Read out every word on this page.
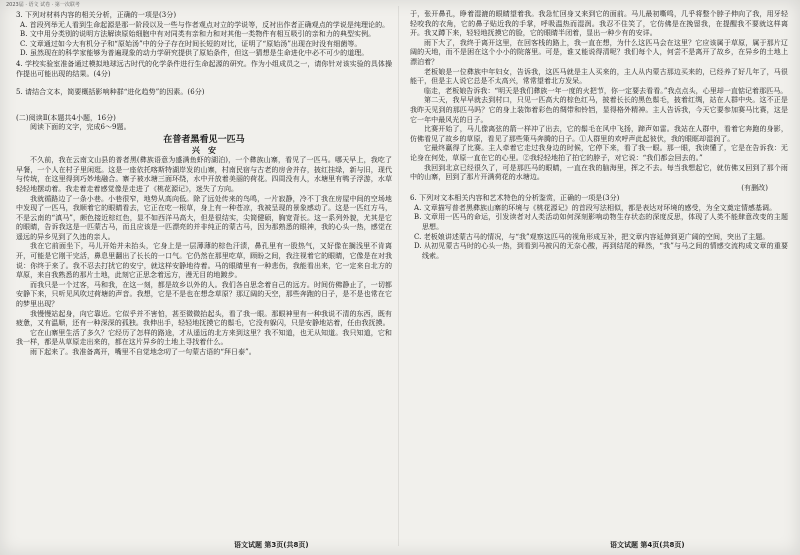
2023届 · 语文 试卷 · 第一次联考

3. 下列对材料内容的相关分析，正确的一项是(3分)

A. 首段列举无人看到生命起源是那一阶段以及一些与作者观点对立的学说等，反衬出作者正确观点的学说是纯理论的。

B. 文中用分类别的说明方法解读原始细胞中有对同类有亲和力和对其他一类物件有相互吸引的亲和力的典型实例。

C. 文章通过如今大有机分子和“原始汤”中的分子存在时间长短的对比，证明了“原始汤”出现在时没有细菌等。

D. 虽然现在的科学家能够为普遍现象的动力学研究提供了原始条件，但这一猜想是生命进化中必不可少的道理。

4. 学校实验室准备通过模拟地球远古时代的化学条件进行生命起源的研究。作为小组成员之一，请你针对该实验的具体操作提出可能出现的结果。(4分)

5. 请结合文本，简要概括影响种群“进化趋势”的因素。(6分)

(二)阅读Ⅱ(本题共4小题，16分)

阅读下面的文字，完成6～9题。

在普者黑看见一匹马

兴　安

不久前，我在云南文山县的普者黑(彝族语意为盛满鱼虾的湖泊)，一个彝族山寨，看见了一匹马。哪天早上，我吃了早餐，一个人在村子里闲逛。这是一座依托喀斯特湖岸发的山寨，村南民宿与古老的房舍并存，披红挂绿，新与旧，现代与传统，在这里得到巧妙地融合。寨子被水塘三面环绕，水中开放着美丽的荷花。四周没有人，水塘里有鸭子浮游，水草轻轻地摆动着。我走着走着感觉像是走进了《桃花源记》，迷失了方向。

我就循路边了一条小巷。小巷很窄，地势从高向低。除了远处传来的鸟鸣，一片寂静，冷不丁我在房屋中间的空场地中发现了一匹马，我顺着它的眼睛看去，它正在吃一根草，身上有一种苍凉，我被呈现的景象感动了。这是一匹红方马，不是云南的“滇马”，颇色接近棕红色，显不如西洋马高大，但是很结实，尖简健硕，胸宽背长。这一系列外貌，尤其是它的眼睛，告诉我这是一匹蒙古马，而且应该是一匹漂亮的并非纯正的蒙古马，因为那熟悉的眼神，我的心头一热，感觉在遥远的异乡见到了久违的亲人。

我在它前面坐下，马儿开始并未抬头，它身上是一层薄薄的棕色汗渍，鼻孔里有一股热气，又好像在搁浅里不肯离开，可能是它刚干完活，鼻息里翻出了长长的一口气。它仍然在那里吃草，顾盼之间，我注视着它的眼睛，它像是在对我说：你终于来了。我不忍去打扰它的安宁，就这样安静地待着。马的眼睛里有一种悲伤，我能看出来，它一定来自北方的草原，来自我熟悉的那片土地，此刻它正思念着远方，漫无目的地踱步。

而我只是一个过客，马和我，在这一刻，都是故乡以外的人。我们各自思念着自己的远方。时间仿佛静止了，一切都安静下来，只听见风吹过荷塘的声音。我想，它是不是也在想念草原？那辽阔的天空，那些奔跑的日子，是不是也常在它的梦里出现？

我慢慢站起身，向它靠近。它似乎并不害怕，甚至微微抬起头，看了我一眼。那眼神里有一种我说不清的东西，既有疲惫，又有温顺，还有一种深深的孤独。我伸出手，轻轻地抚摸它的鬃毛，它没有躲闪，只是安静地站着，任由我抚摸。

它在山寨里生活了多久？它经历了怎样的路途，才从遥远的北方来到这里？我不知道，也无从知道。我只知道，它和我一样，都是从草原走出来的，都在这片异乡的土地上寻找着什么。

雨下起来了。我准备离开，嘴里不自觉地念叨了一句蒙古语的“拜日泰”。

于，张开鼻孔，睁着湿漉的眼睛望着我。我急忙回身又来到它的面前。马儿最初嘶鸣，几乎将整个脖子伸向了我，用牙轻轻咬我的衣角，它的鼻子贴近我的手掌，呼吸温热而湿润。我忍不住笑了，它仿佛是在挽留我，在提醒我不要就这样离开。我又蹲下来，轻轻地抚摸它的脸，它的眼睛半闭着，显出一种少有的安详。

雨下大了，我终于离开这里，在回客栈的路上，我一直在想，为什么这匹马会在这里？它应该属于草原，属于那片辽阔的天地，而不是困在这个小小的院落里。可是，谁又能说得清呢？我们每个人，何尝不是离开了故乡，在异乡的土地上漂泊着？

老板娘是一位彝族中年妇女，告诉我，这匹马就是主人买来的，主人从内蒙古那边买来的，已经养了好几年了，马很能干，但是主人说它总是不太高兴，常常望着北方发呆。

临走，老板娘告诉我：“明天是我们彝族一年一度的火把节，你一定要去看看。”我点点头，心里却一直惦记着那匹马。

第二天，我早早就去到村口，只见一匹高大的棕色红马，披着长长的黑色鬃毛，披着红绸，站在人群中央。这不正是我昨天见到的那匹马吗？它的身上装饰着彩色的绸带和铃铛，显得格外精神。主人告诉我，今天它要参加赛马比赛，这是它一年中最风光的日子。

比赛开始了，马儿像离弦的箭一样冲了出去，它的鬃毛在风中飞扬，蹄声如雷。我站在人群中，看着它奔跑的身影，仿佛看见了故乡的草原，看见了那些策马奔腾的日子。①人群里的欢呼声此起彼伏，我的眼眶却湿润了。

它最终赢得了比赛。主人牵着它走过我身边的时候，它停下来，看了我一眼。那一眼，我读懂了，它是在告诉我：无论身在何处，草原一直在它的心里。②我轻轻地拍了拍它的脖子，对它说：“我们都会回去的。”

我回到北京已经很久了，可是那匹马的眼睛，一直在我的脑海里，挥之不去。每当我想起它，就仿佛又回到了那个雨中的山寨，回到了那片开满荷花的水塘边。

(有删改)

6. 下列对文本相关内容和艺术特色的分析鉴赏，正确的一项是(3分)

A. 文章描写普者黑彝族山寨的环境与《桃花源记》的首段写法相似，都是表达对环境的感受，为全文奠定情感基调。

B. 文章用一匹马的命运，引发读者对人类活动如何深刻影响动物生存状态的深度反思，体现了人类不能肆意改变的主题思想。

C. 老板娘讲述蒙古马的情况，与“我”观察这匹马的视角形成互补，把文章内容延伸到更广阔的空间，突出了主题。

D. 从初见蒙古马时的心头一热，到看到马被闪的无奈心酸，再到结尾的释然，“我”与马之间的情感交流构成文章的重要线索。

语文试题 第3页(共8页)	语文试题 第4页(共8页)
